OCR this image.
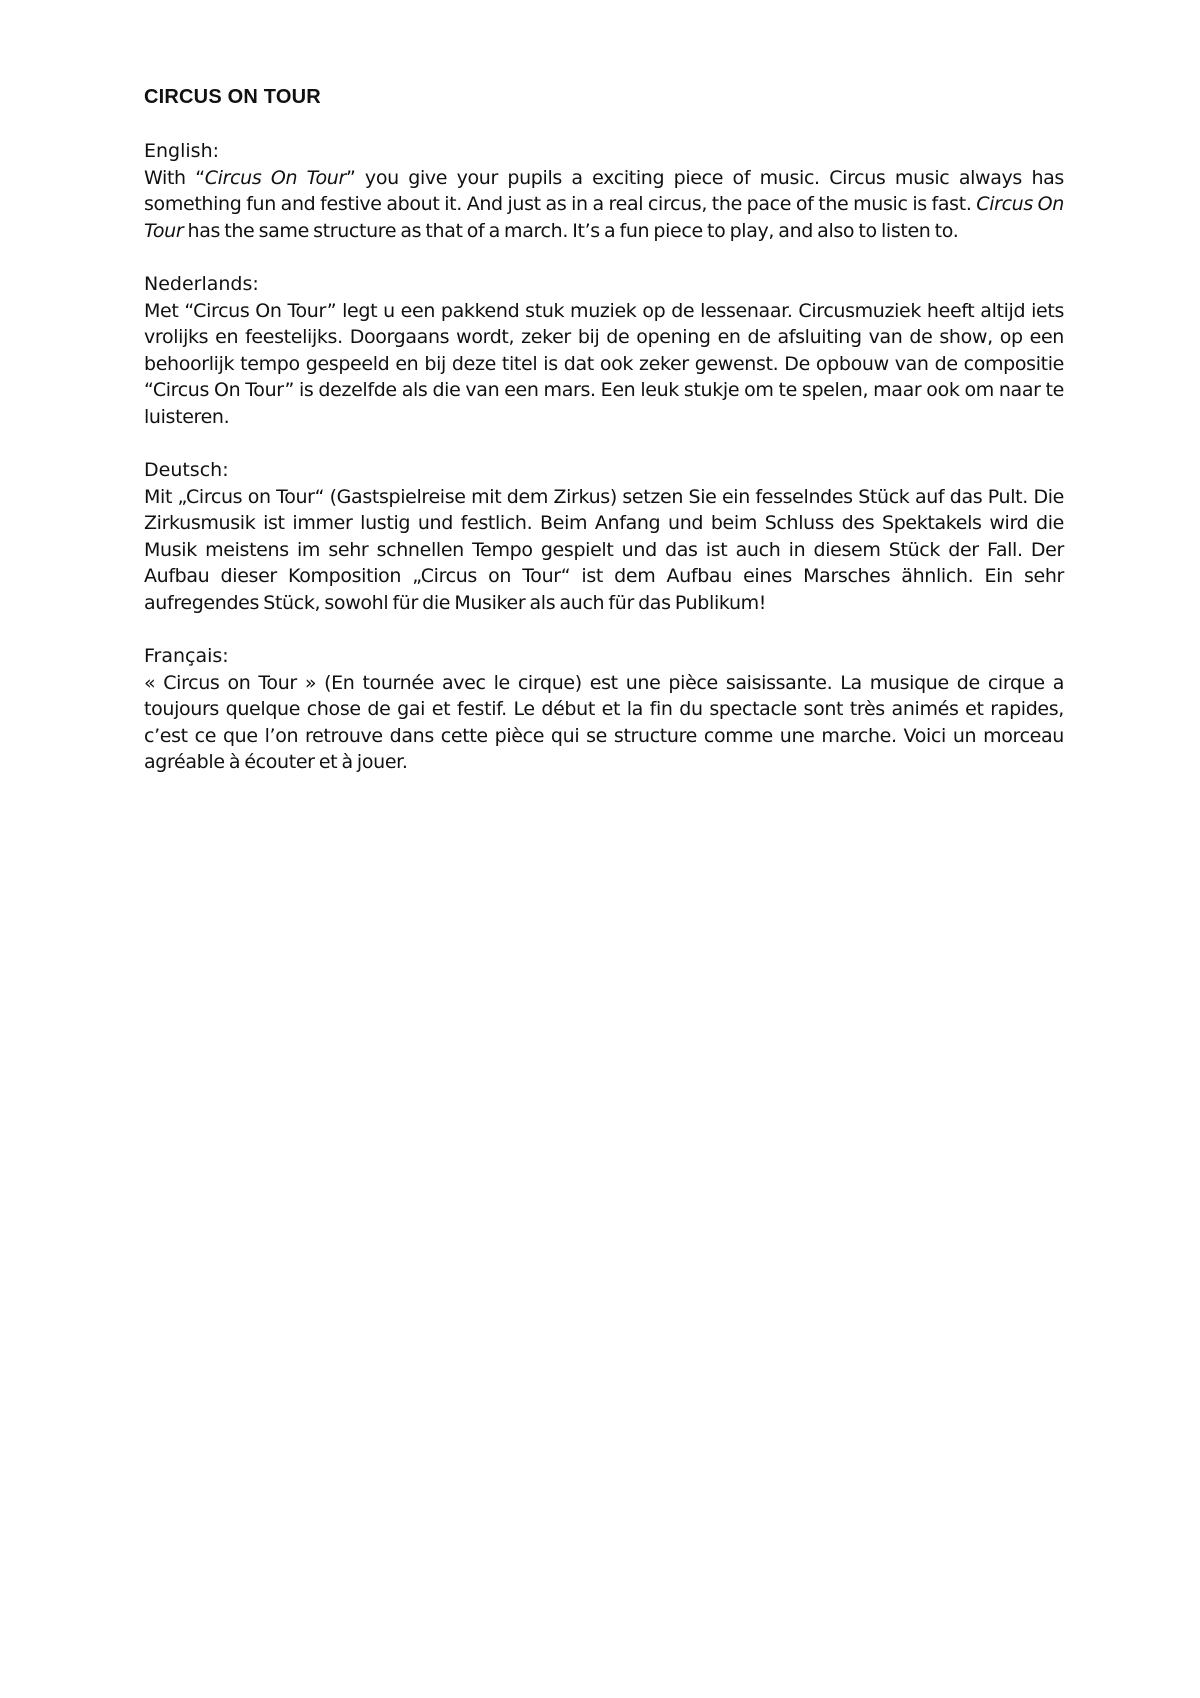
CIRCUS ON TOUR

English:

With “Circus On Tour” you give your pupils a exciting piece of music. Circus music always has something fun and festive about it. And just as in a real circus, the pace of the music is fast. Circus On Tour has the same structure as that of a march. It’s a fun piece to play, and also to listen to.

Nederlands:

Met “Circus On Tour” legt u een pakkend stuk muziek op de lessenaar. Circusmuziek heeft altijd iets vrolijks en feestelijks. Doorgaans wordt, zeker bij de opening en de afsluiting van de show, op een behoorlijk tempo gespeeld en bij deze titel is dat ook zeker gewenst. De opbouw van de compositie “Circus On Tour” is dezelfde als die van een mars. Een leuk stukje om te spelen, maar ook om naar te luisteren.

Deutsch:

Mit „Circus on Tour“ (Gastspielreise mit dem Zirkus) setzen Sie ein fesselndes Stück auf das Pult. Die Zirkusmusik ist immer lustig und festlich. Beim Anfang und beim Schluss des Spektakels wird die Musik meistens im sehr schnellen Tempo gespielt und das ist auch in diesem Stück der Fall. Der Aufbau dieser Komposition „Circus on Tour“ ist dem Aufbau eines Marsches ähnlich. Ein sehr aufregendes Stück, sowohl für die Musiker als auch für das Publikum!

Français:

« Circus on Tour » (En tournée avec le cirque) est une pièce saisissante. La musique de cirque a toujours quelque chose de gai et festif. Le début et la fin du spectacle sont très animés et rapides, c’est ce que l’on retrouve dans cette pièce qui se structure comme une marche. Voici un morceau agréable à écouter et à jouer.
